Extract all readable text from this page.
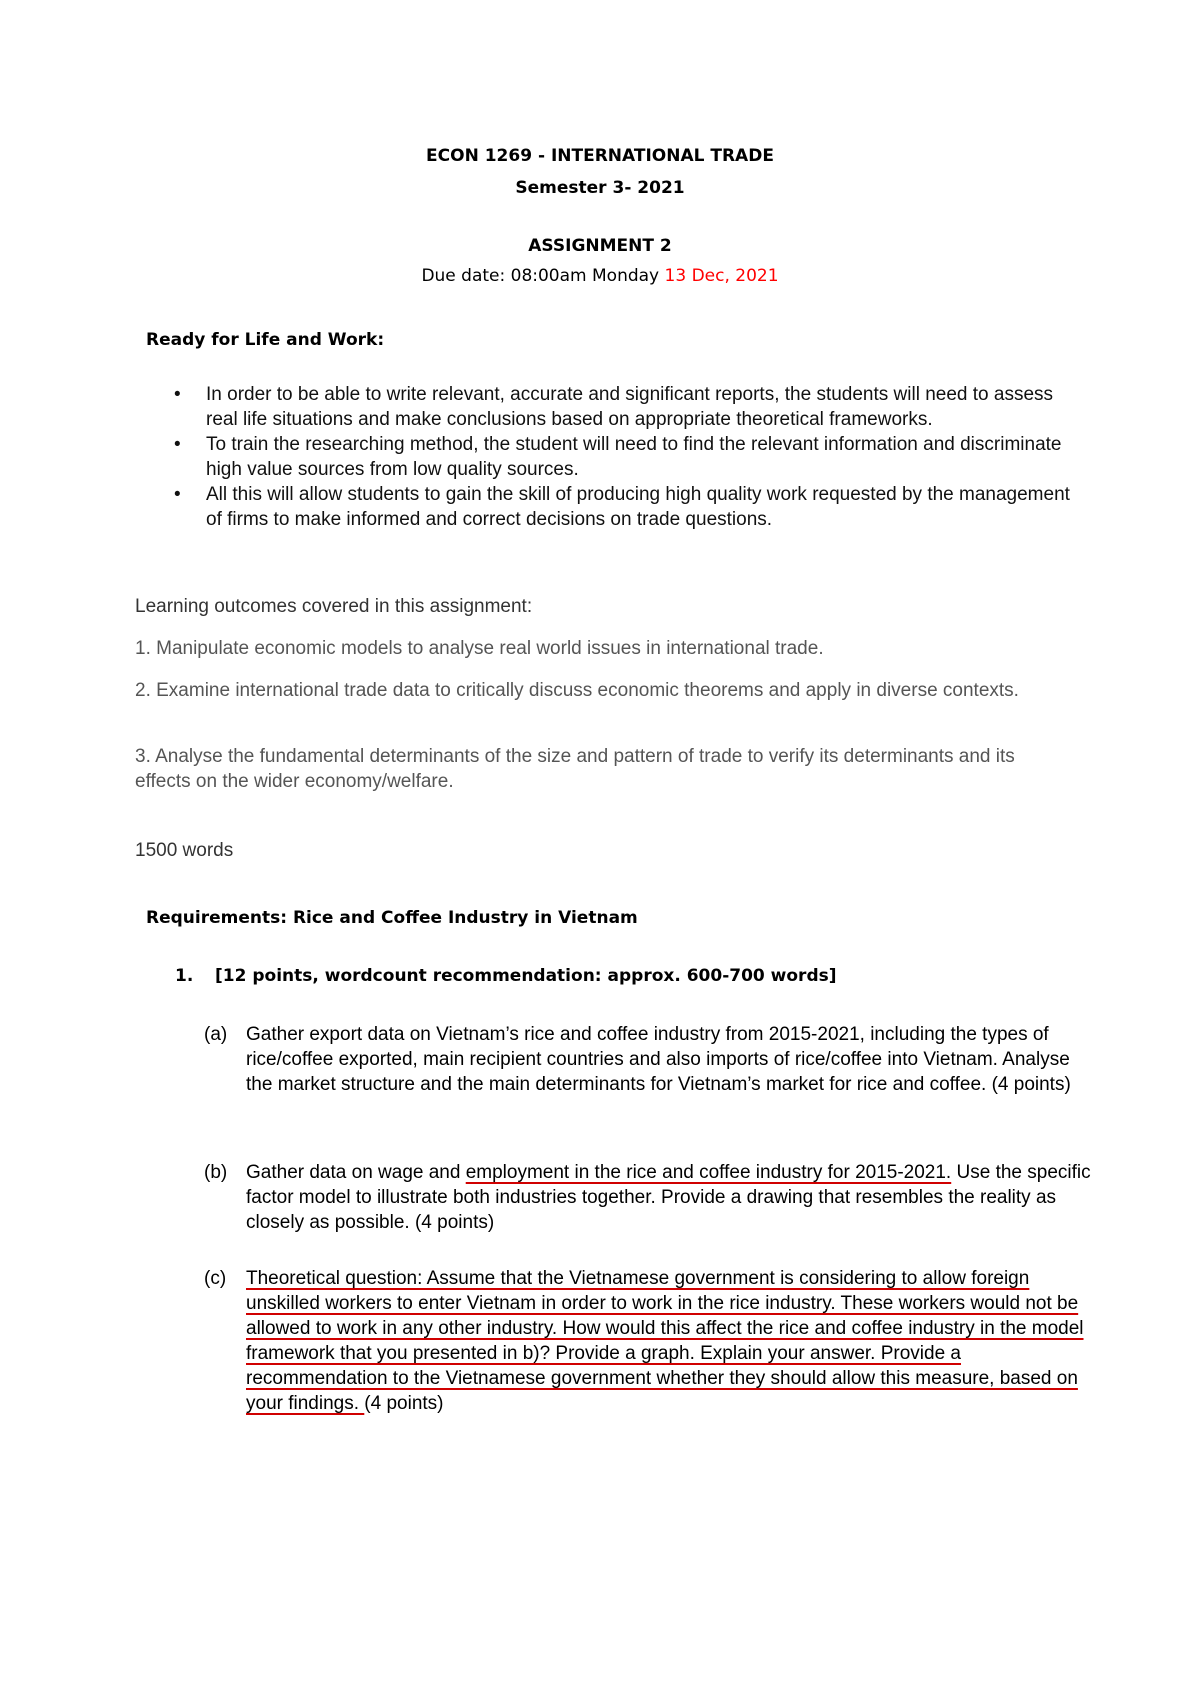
ECON 1269 - INTERNATIONAL TRADE
Semester 3- 2021
ASSIGNMENT 2
Due date: 08:00am Monday 13 Dec, 2021
Ready for Life and Work:
• In order to be able to write relevant, accurate and significant reports, the students will need to assess real life situations and make conclusions based on appropriate theoretical frameworks.
• To train the researching method, the student will need to find the relevant information and discriminate high value sources from low quality sources.
• All this will allow students to gain the skill of producing high quality work requested by the management of firms to make informed and correct decisions on trade questions.
Learning outcomes covered in this assignment:
1. Manipulate economic models to analyse real world issues in international trade.
2. Examine international trade data to critically discuss economic theorems and apply in diverse contexts.
3. Analyse the fundamental determinants of the size and pattern of trade to verify its determinants and its effects on the wider economy/welfare.
1500 words
Requirements: Rice and Coffee Industry in Vietnam
1. [12 points, wordcount recommendation: approx. 600-700 words]
(a) Gather export data on Vietnam’s rice and coffee industry from 2015-2021, including the types of rice/coffee exported, main recipient countries and also imports of rice/coffee into Vietnam. Analyse the market structure and the main determinants for Vietnam’s market for rice and coffee. (4 points)
(b) Gather data on wage and employment in the rice and coffee industry for 2015-2021. Use the specific factor model to illustrate both industries together. Provide a drawing that resembles the reality as closely as possible. (4 points)
(c) Theoretical question: Assume that the Vietnamese government is considering to allow foreign unskilled workers to enter Vietnam in order to work in the rice industry. These workers would not be allowed to work in any other industry. How would this affect the rice and coffee industry in the model framework that you presented in b)? Provide a graph. Explain your answer. Provide a recommendation to the Vietnamese government whether they should allow this measure, based on your findings. (4 points)
